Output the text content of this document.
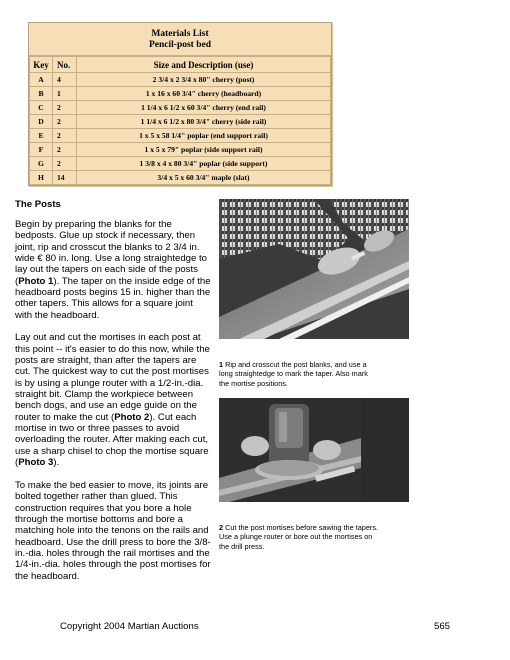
Materials List
Pencil-post bed
Key	No.	Size and Description (use)
A	4	2 3/4 x 2 3/4 x 80" cherry (post)
B	1	1 x 16 x 60 3/4" cherry (headboard)
C	2	1 1/4 x 6 1/2 x 60 3/4" cherry (end rail)
D	2	1 1/4 x 6 1/2 x 80 3/4" cherry (side rail)
E	2	1 x 5 x 58 1/4" poplar (end support rail)
F	2	1 x 5 x 79" poplar (side support rail)
G	2	1 3/8 x 4 x 80 3/4" poplar (side support)
H	14	3/4 x 5 x 60 3/4" maple (slat)
The Posts

Begin by preparing the blanks for the bedposts. Glue up stock if necessary, then joint, rip and crosscut the blanks to 2 3/4 in. wide € 80 in. long. Use a long straightedge to lay out the tapers on each side of the posts (Photo 1). The taper on the inside edge of the headboard posts begins 15 in. higher than the other tapers. This allows for a square joint with the headboard.

Lay out and cut the mortises in each post at this point -- it's easier to do this now, while the posts are straight, than after the tapers are cut. The quickest way to cut the post mortises is by using a plunge router with a 1/2-in.-dia. straight bit. Clamp the workpiece between bench dogs, and use an edge guide on the router to make the cut (Photo 2). Cut each mortise in two or three passes to avoid overloading the router. After making each cut, use a sharp chisel to chop the mortise square (Photo 3).

To make the bed easier to move, its joints are bolted together rather than glued. This construction requires that you bore a hole through the mortise bottoms and bore a matching hole into the tenons on the rails and headboard. Use the drill press to bore the 3/8-in.-dia. holes through the rail mortises and the 1/4-in.-dia. holes through the post mortises for the headboard.

1 Rip and crosscut the post blanks, and use a long straightedge to mark the taper. Also mark the mortise positions.
2 Cut the post mortises before sawing the tapers. Use a plunge router or bore out the mortises on the drill press.
Copyright 2004 Martian Auctions	565
